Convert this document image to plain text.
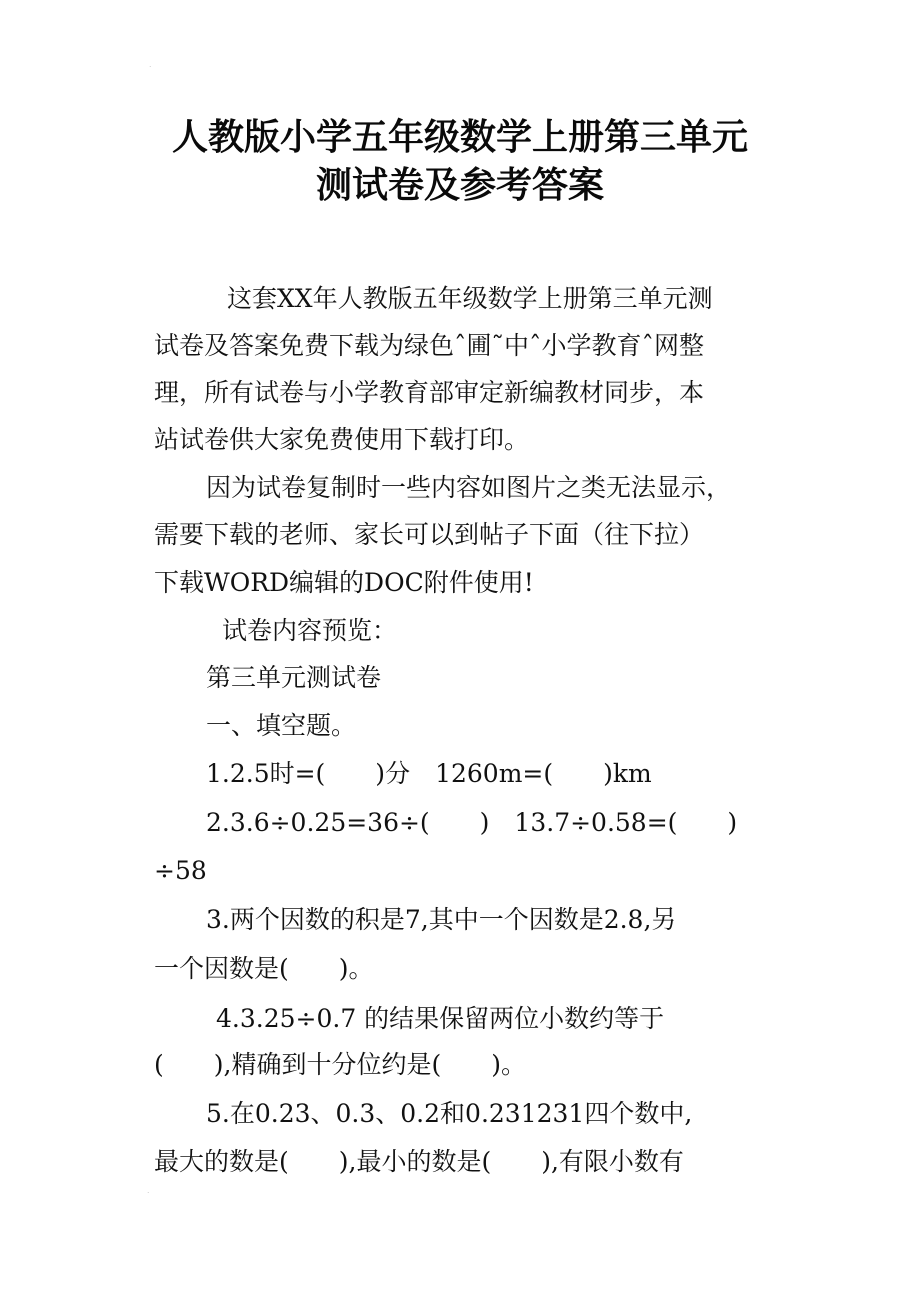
˙
˙
人教版小学五年级数学上册第三单元
测试卷及参考答案
这套XX年人教版五年级数学上册第三单元测
试卷及答案免费下载为绿色ˆ圃˜中ˆ小学教育ˆ网整
理，所有试卷与小学教育部审定新编教材同步，本
站试卷供大家免费使用下载打印。
因为试卷复制时一些内容如图片之类无法显示，
需要下载的老师、家长可以到帖子下面（往下拉）
下载WORD编辑的DOC附件使用!
试卷内容预览：
第三单元测试卷
一、填空题。
1.2.5时=(　　)分　1260m=(　　)km
2.3.6÷0.25=36÷(　　)　13.7÷0.58=(　　)
÷58
3.两个因数的积是7,其中一个因数是2.8,另
一个因数是(　　)。
4.3.25÷0.7 的结果保留两位小数约等于
(　　),精确到十分位约是(　　)。
5.在0.23、0.3、0.2和0.231231四个数中,
最大的数是(　　),最小的数是(　　),有限小数有
